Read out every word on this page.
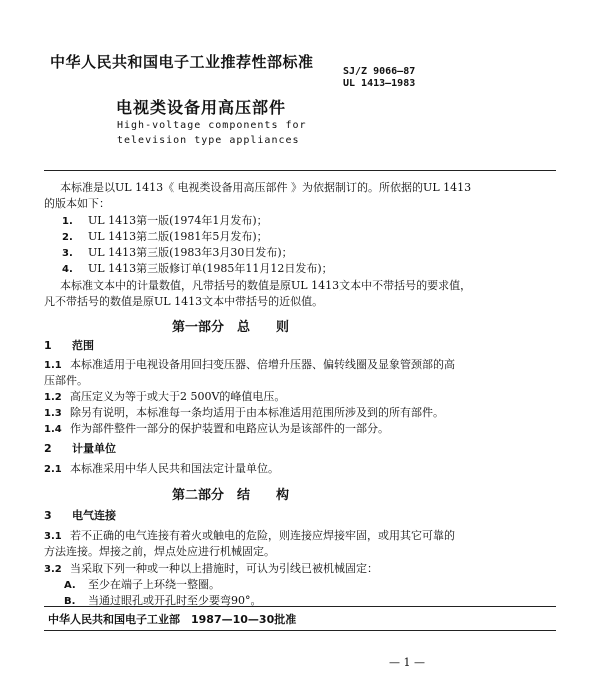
中华人民共和国电子工业推荐性部标准
SJ/Z 9066—87
UL 1413—1983
电视类设备用高压部件
High-voltage components for
television type appliances
本标准是以UL 1413《 电视类设备用高压部件 》为依据制订的。所依据的UL 1413
的版本如下：
1. UL 1413第一版(1974年1月发布)；
2. UL 1413第二版(1981年5月发布)；
3. UL 1413第三版(1983年3月30日发布)；
4. UL 1413第三版修订单(1985年11月12日发布)；
本标准文本中的计量数值，凡带括号的数值是原UL 1413文本中不带括号的要求值，
凡不带括号的数值是原UL 1413文本中带括号的近似值。
第一部分　总　　则
1 范围
1.1 本标准适用于电视设备用回扫变压器、倍增升压器、偏转线圈及显象管颈部的高
压部件。
1.2 高压定义为等于或大于2 500V的峰值电压。
1.3 除另有说明，本标准每一条均适用于由本标准适用范围所涉及到的所有部件。
1.4 作为部件整件一部分的保护装置和电路应认为是该部件的一部分。
2 计量单位
2.1 本标准采用中华人民共和国法定计量单位。
第二部分　结　　构
3 电气连接
3.1 若不正确的电气连接有着火或触电的危险，则连接应焊接牢固，或用其它可靠的
方法连接。焊接之前，焊点处应进行机械固定。
3.2 当采取下列一种或一种以上措施时，可认为引线已被机械固定：
A. 至少在端子上环绕一整圈。
B. 当通过眼孔或开孔时至少要弯90°。
中华人民共和国电子工业部　1987—10—30批准
— 1 —
